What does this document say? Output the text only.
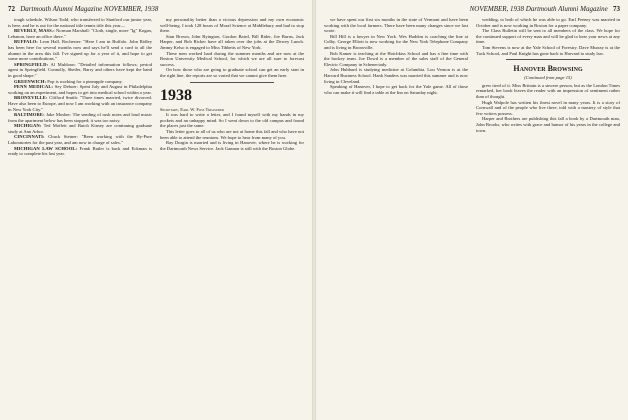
72 Dartmouth Alumni Magazine NOVEMBER, 1938

tough schedule. Wilson Todd, who transferred to Stanford our junior year, is here, and he is out for the national title tennis title this year—

BEVERLY, MASS.: Norman Marshall: "Cloth, single, more "Ig" Kogan, Lebanon, have an office there."

BUFFALO: Leon Hall, Rochester: "Here I am in Buffalo. John Ridley has been here for several months now and says he'll send a card to all the alumni in the area this fall. I've signed up for a year of it, and hope to get some more contributions."

SPRINGFIELD: Al Muldoon: "Detailed information follows; period agent in Springfield. Connolly, Shetler, Barry and others have kept the band in good shape."

GREENWICH: Pop is working for a pineapple company.

PENN MEDICAL: Sey Deboer: Spent July and August in Philadelphia working on an experiment, and hopes to get into medical school within a year.

BRONXVILLE: Clifford Smith: "Three times married, twice divorced. Have also been to Europe, and now I am working with an insurance company in New York City."

BALTIMORE: Jake Mosher: The sending of rush notes and loud music from the apartment below has been stopped; it was too noisy.

MICHIGAN: Ted Moffett and Butch Kinsey are continuing graduate study at Ann Arbor.

CINCINNATI: Chuck Steiner: "Been working with the Hy-Pure Laboratories for the past year, and am now in charge of sales."

MICHIGAN LAW SCHOOL: Frank Butler is back and Eckman is ready to complete his last year.

my personality better than a vicious depression and my own economic well-being. I took 128 hours of Moral Science at Middlebury and had to stop there.

Stan Brown, John Byington, Gordon Baird, Bill Rider, Joe Burns, Jack Harper, and Bob Ricker have all taken over the jobs at the Dewey Lunch. Jimmy Kelso is engaged to Miss Tibbetts of New York.

These men worked hard during the summer months and are now at the Boston University Medical School, for which we are all sure to forecast success.

On how those who are going to graduate school can get an early start in the right line, the reports are so varied that we cannot give them here.

1938
Secretary, Earl W. Foss Treasurer

It was hard to write a letter, and I found myself with my hands in my pockets and an unhappy mind. So I went down to the old campus and found the places just the same.

This letter goes to all of us who are not at home this fall and who have not been able to attend the reunions. We hope to hear from many of you.

Ray Durgin is married and is living in Hanover, where he is working for the Dartmouth News Service. Jack Gannon is still with the Boston Globe.

NOVEMBER, 1938 Dartmouth Alumni Magazine 73

we have spent our first six months in the state of Vermont and have been working with the local farmers. There have been many changes since we last wrote.

Bill Hill is a lawyer in New York. Wes Haddon is coaching the line at Colby. George Elliott is now working for the New York Telephone Company and is living in Bronxville.

Bob Kamer is teaching at the Hotchkiss School and has a fine time with the hockey team. Joe Dowd is a member of the sales staff of the General Electric Company in Schenectady.

John Hubbard is studying medicine at Columbia. Lou Vernon is at the Harvard Business School. Hank Sanders was married this summer and is now living in Cleveland.

Speaking of Hanover, I hope to get back for the Yale game. All of those who can make it will find a table at the Inn on Saturday night.

wedding, to both of which he was able to go. Earl Feeney was married in October and is now working in Boston for a paper company.

The Class Bulletin will be sent to all members of the class. We hope for the continued support of every man and will be glad to hear your news at any time.

Tom Stevens is now at the Yale School of Forestry. Dave Murray is at the Tuck School, and Paul Knight has gone back to Harvard to study law.

Hanover Browsing
(Continued from page 15)

grew tired of it. Miss Brittain is a sincere person, but as the London Times remarked, her book leaves the reader with an impression of sentiment rather than of thought.

Hugh Walpole has written his finest novel in many years. It is a story of Cornwall and of the people who live there, told with a mastery of style that few writers possess.

Harper and Brothers are publishing this fall a book by a Dartmouth man, John Brooks, who writes with grace and humor of his years in the college and town.
